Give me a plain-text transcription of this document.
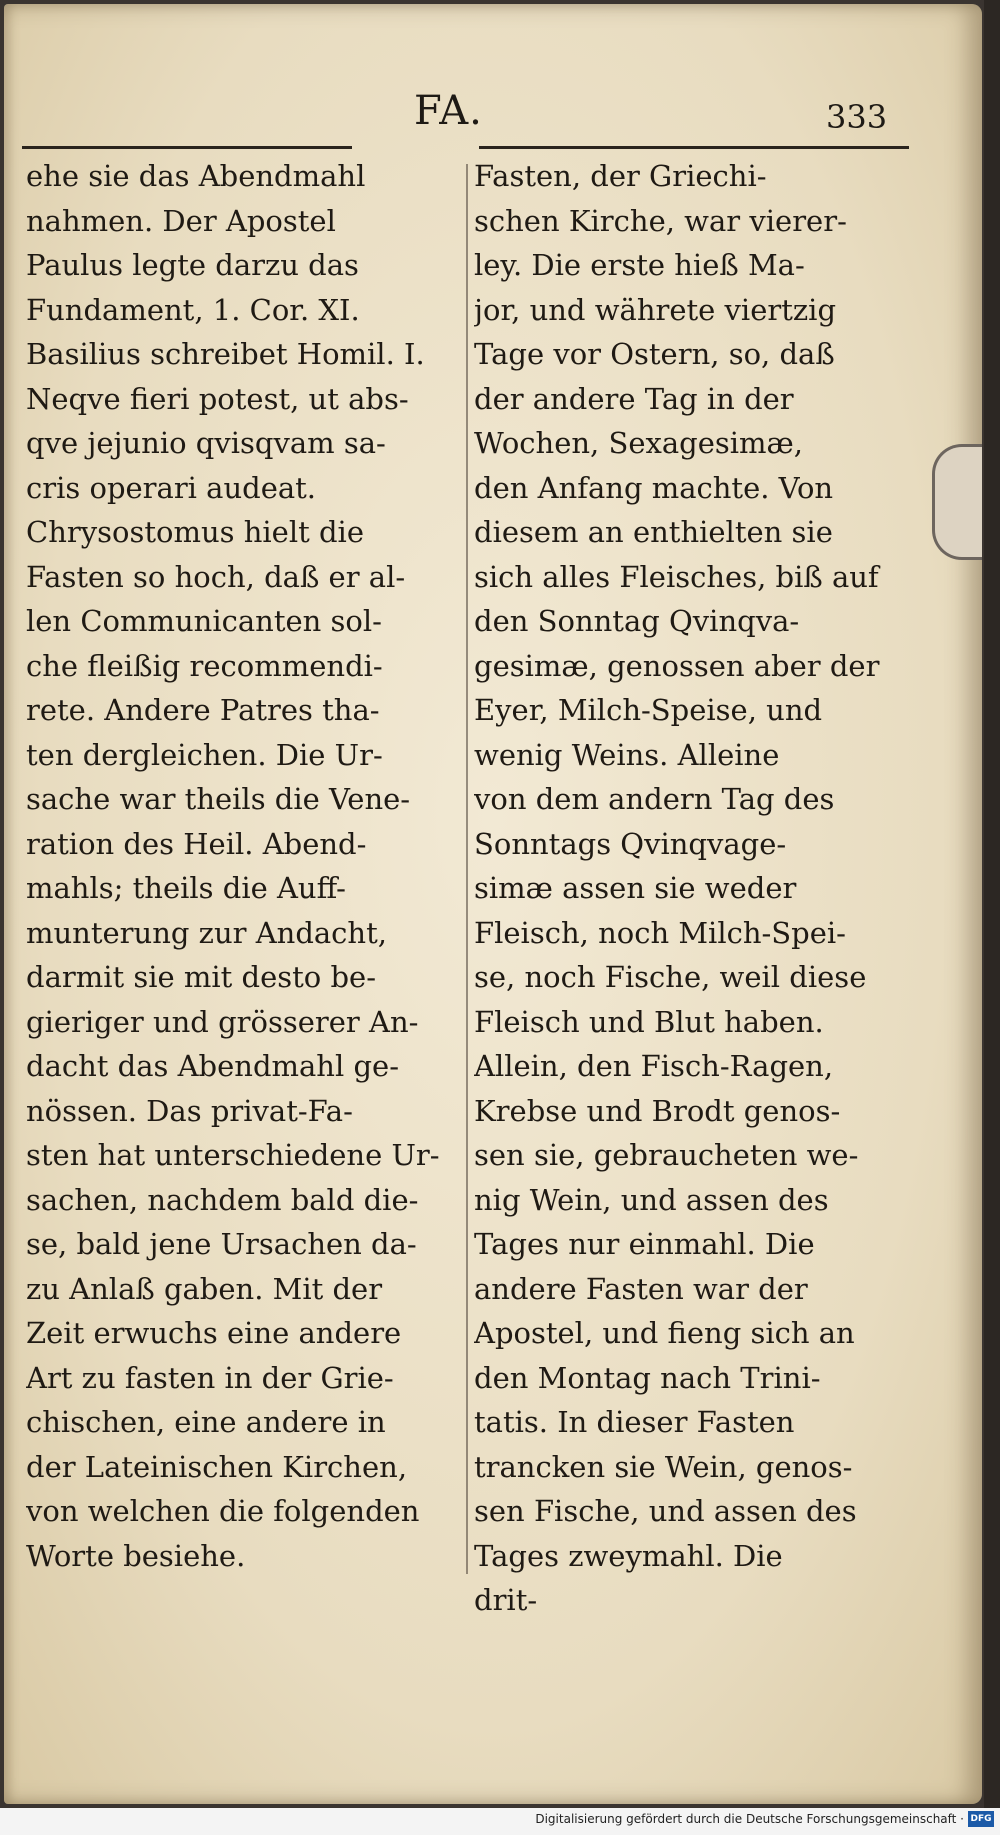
FA.	333
ehe sie das Abendmahl
nahmen. Der Apostel
Paulus legte darzu das
Fundament, 1. Cor. XI.
Basilius schreibet Homil. I.
Neqve fieri potest, ut abs-
qve jejunio qvisqvam sa-
cris operari audeat.
Chrysostomus hielt die
Fasten so hoch, daß er al-
len Communicanten sol-
che fleißig recommendi-
rete. Andere Patres tha-
ten dergleichen. Die Ur-
sache war theils die Vene-
ration des Heil. Abend-
mahls; theils die Auff-
munterung zur Andacht,
darmit sie mit desto be-
gieriger und grösserer An-
dacht das Abendmahl ge-
nössen. Das privat-Fa-
sten hat unterschiedene Ur-
sachen, nachdem bald die-
se, bald jene Ursachen da-
zu Anlaß gaben. Mit der
Zeit erwuchs eine andere
Art zu fasten in der Grie-
chischen, eine andere in
der Lateinischen Kirchen,
von welchen die folgenden
Worte besiehe.
Fasten, der Griechi-
schen Kirche, war vierer-
ley. Die erste hieß Ma-
jor, und währete viertzig
Tage vor Ostern, so, daß
der andere Tag in der
Wochen, Sexagesimæ,
den Anfang machte. Von
diesem an enthielten sie
sich alles Fleisches, biß auf
den Sonntag Qvinqva-
gesimæ, genossen aber der
Eyer, Milch-Speise, und
wenig Weins. Alleine
von dem andern Tag des
Sonntags Qvinqvage-
simæ assen sie weder
Fleisch, noch Milch-Spei-
se, noch Fische, weil diese
Fleisch und Blut haben.
Allein, den Fisch-Ragen,
Krebse und Brodt genos-
sen sie, gebraucheten we-
nig Wein, und assen des
Tages nur einmahl. Die
andere Fasten war der
Apostel, und fieng sich an
den Montag nach Trini-
tatis. In dieser Fasten
trancken sie Wein, genos-
sen Fische, und assen des
Tages zweymahl. Die
drit-
Digitalisierung gefördert durch die Deutsche Forschungsgemeinschaft · DFG
